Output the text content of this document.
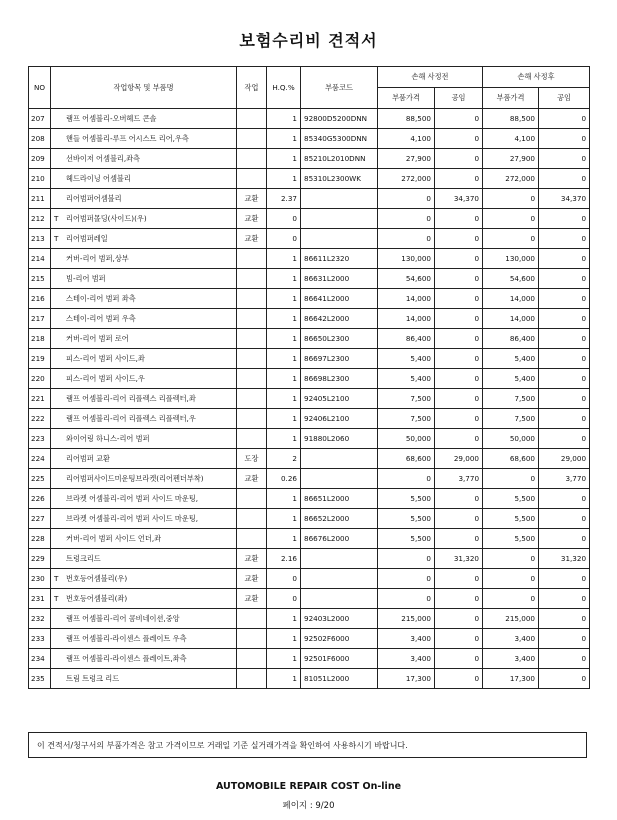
보험수리비 견적서
NO	작업항목 및 부품명	작업	H.Q.%	부품코드	손해 사정전		손해 사정후	
					부품가격	공임	부품가격	공임
207	램프 어셈블리-오버헤드 콘솔		1	92800D5200DNN	88,500	0	88,500	0
208	핸들 어셈블리-루프 어시스트 리어,우측		1	85340G5300DNN	4,100	0	4,100	0
209	선바이저 어셈블리,좌측		1	85210L2010DNN	27,900	0	27,900	0
210	헤드라이닝 어셈블리		1	85310L2300WK	272,000	0	272,000	0
211	리어범퍼어셈블리	교환	2.37		0	34,370	0	34,370
212	T 리어범퍼몰딩(사이드)(우)	교환	0		0	0	0	0
213	T 리어범퍼레일	교환	0		0	0	0	0
214	커버-리어 범퍼,상부		1	86611L2320	130,000	0	130,000	0
215	빔-리어 범퍼		1	86631L2000	54,600	0	54,600	0
216	스테이-리어 범퍼 좌측		1	86641L2000	14,000	0	14,000	0
217	스테이-리어 범퍼 우측		1	86642L2000	14,000	0	14,000	0
218	커버-리어 범퍼 로어		1	86650L2300	86,400	0	86,400	0
219	피스-리어 범퍼 사이드,좌		1	86697L2300	5,400	0	5,400	0
220	피스-리어 범퍼 사이드,우		1	86698L2300	5,400	0	5,400	0
221	램프 어셈블리-리어 리플렉스 리플렉터,좌		1	92405L2100	7,500	0	7,500	0
222	램프 어셈블리-리어 리플렉스 리플렉터,우		1	92406L2100	7,500	0	7,500	0
223	와이어링 하니스-리어 범퍼		1	91880L2060	50,000	0	50,000	0
224	리어범퍼 교환	도장	2		68,600	29,000	68,600	29,000
225	리어범퍼사이드미운팅브라켓(리어펜더부착)	교환	0.26		0	3,770	0	3,770
226	브라켓 어셈블리-리어 범퍼 사이드 마운팅,		1	86651L2000	5,500	0	5,500	0
227	브라켓 어셈블리-리어 범퍼 사이드 마운팅,		1	86652L2000	5,500	0	5,500	0
228	커버-리어 범퍼 사이드 언더,좌		1	86676L2000	5,500	0	5,500	0
229	트렁크리드	교환	2.16		0	31,320	0	31,320
230	T 번호등어셈블리(우)	교환	0		0	0	0	0
231	T 번호등어셈블리(좌)	교환	0		0	0	0	0
232	램프 어셈블리-리어 콤비네이션,중앙		1	92403L2000	215,000	0	215,000	0
233	램프 어셈블리-라이센스 플레이트 우측		1	92502F6000	3,400	0	3,400	0
234	램프 어셈블리-라이센스 플레이트,좌측		1	92501F6000	3,400	0	3,400	0
235	트림 트렁크 리드		1	81051L2000	17,300	0	17,300	0
이 견적서/청구서의 부품가격은 참고 가격이므로 거래일 기준 실거래가격을 확인하여 사용하시기 바랍니다.
AUTOMOBILE REPAIR COST On-line
페이지 : 9/20
